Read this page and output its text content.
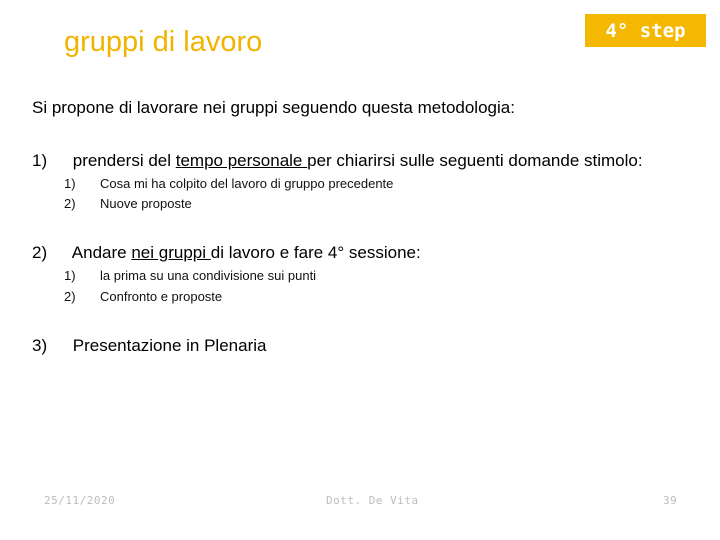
gruppi di lavoro	4° step
Si propone di lavorare nei gruppi seguendo questa metodologia:
1) prendersi del tempo personale per chiarirsi sulle seguenti domande stimolo:
1) Cosa mi ha colpito del lavoro di gruppo precedente
2) Nuove proposte
2) Andare nei gruppi di lavoro e fare 4° sessione:
1) la prima su una condivisione sui punti
2) Confronto e proposte
3) Presentazione in Plenaria
25/11/2020	Dott. De Vita	39
